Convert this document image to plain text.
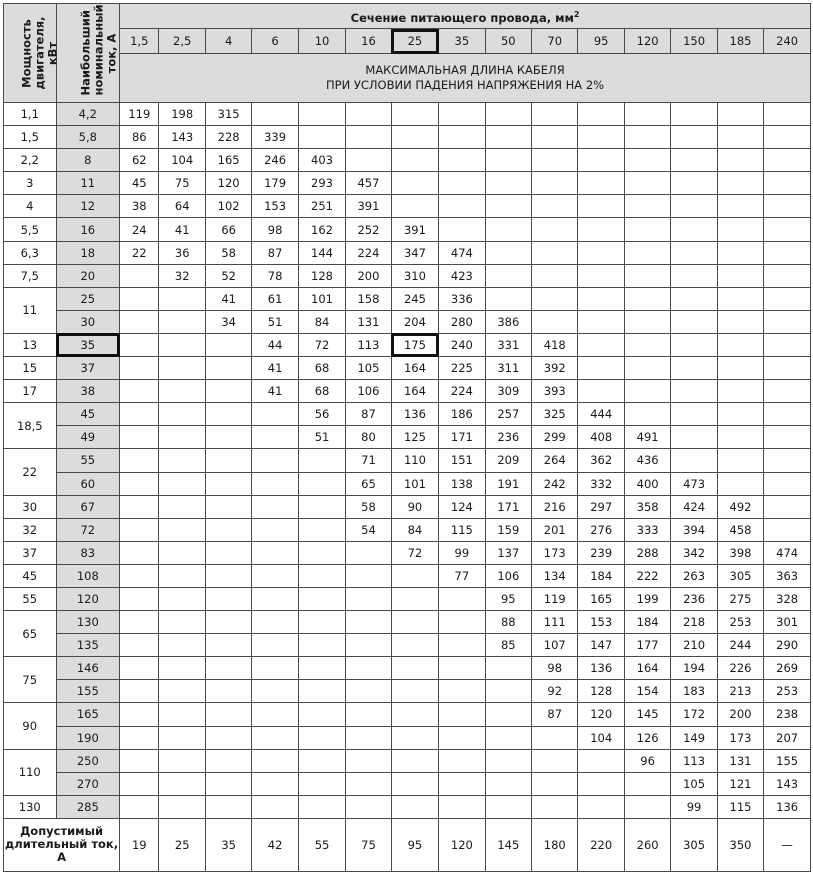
Мощность двигателя, кВт	Наибольший номинальный ток, А	Сечение питающего провода, $мм^2$
		1,5	2,5	4	6	10	16	25	35	50	70	95	120	150	185	240

		МАКСИМАЛЬНАЯ ДЛИНА КАБЕЛЯ
ПРИ УСЛОВИИ ПАДЕНИЯ НАПРЯЖЕНИЯ НА 2%														

1,1	4,2	119	198	315												
1,5	5,8	86	143	228	339											
2,2	8	62	104	165	246	403										
3	11	45	75	120	179	293	457									
4	12	38	64	102	153	251	391									
5,5	16	24	41	66	98	162	252	391								
6,3	18	22	36	58	87	144	224	347	474							
7,5	20		32	52	78	128	200	310	423							
11	25			41	61	101	158	245	336							
	30			34	51	84	131	204	280	386						
13	35				44	72	113	175	240	331	418					
15	37				41	68	105	164	225	311	392					
17	38				41	68	106	164	224	309	393					
18,5	45					56	87	136	186	257	325	444				
	49					51	80	125	171	236	299	408	491			
22	55						71	110	151	209	264	362	436			
	60						65	101	138	191	242	332	400	473		
30	67						58	90	124	171	216	297	358	424	492	
32	72						54	84	115	159	201	276	333	394	458	
37	83							72	99	137	173	239	288	342	398	474
45	108								77	106	134	184	222	263	305	363
55	120									95	119	165	199	236	275	328
65	130									88	111	153	184	218	253	301
	135									85	107	147	177	210	244	290
75	146										98	136	164	194	226	269
	155										92	128	154	183	213	253
90	165										87	120	145	172	200	238
	190											104	126	149	173	207
110	250												96	113	131	155
	270													105	121	143
130	285													99	115	136
Допустимый длительный ток, А		19	25	35	42	55	75	95	120	145	180	220	260	305	350	—
